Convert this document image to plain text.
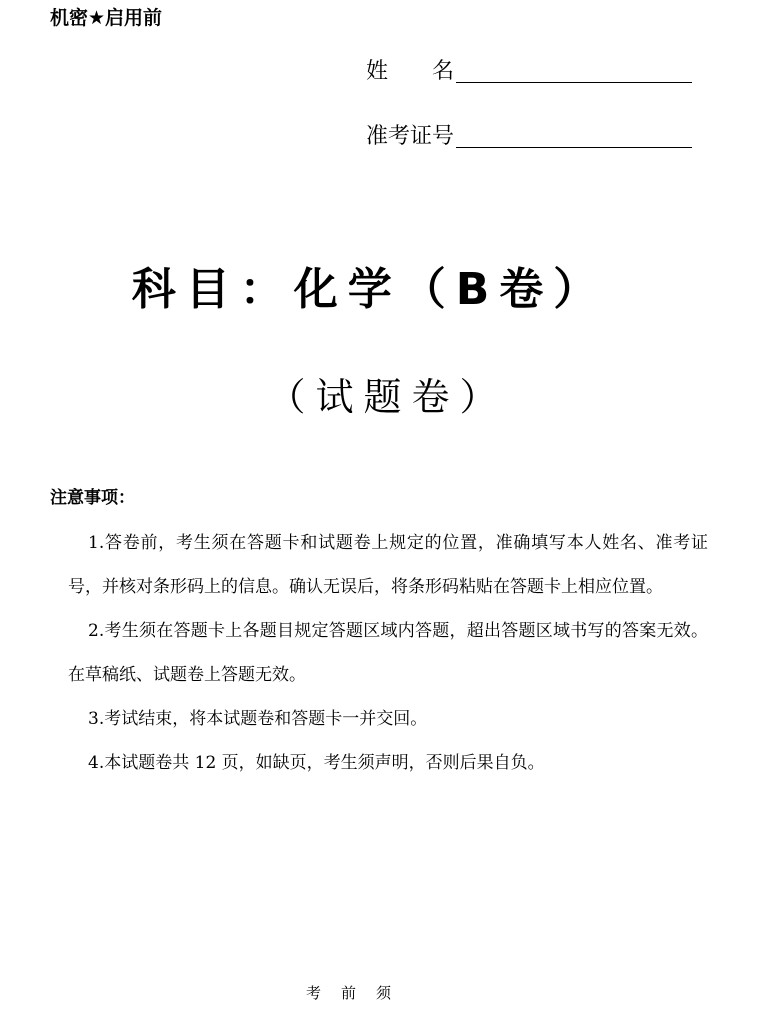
机密★启用前
姓名
准考证号
科目：化学（B卷）
（试题卷）
注意事项：

1.答卷前，考生须在答题卡和试题卷上规定的位置，准确填写本人姓名、准考证号，并核对条形码上的信息。确认无误后，将条形码粘贴在答题卡上相应位置。

2.考生须在答题卡上各题目规定答题区域内答题，超出答题区域书写的答案无效。在草稿纸、试题卷上答题无效。

3.考试结束，将本试题卷和答题卡一并交回。

4.本试题卷共 12 页，如缺页，考生须声明，否则后果自负。

考前须
